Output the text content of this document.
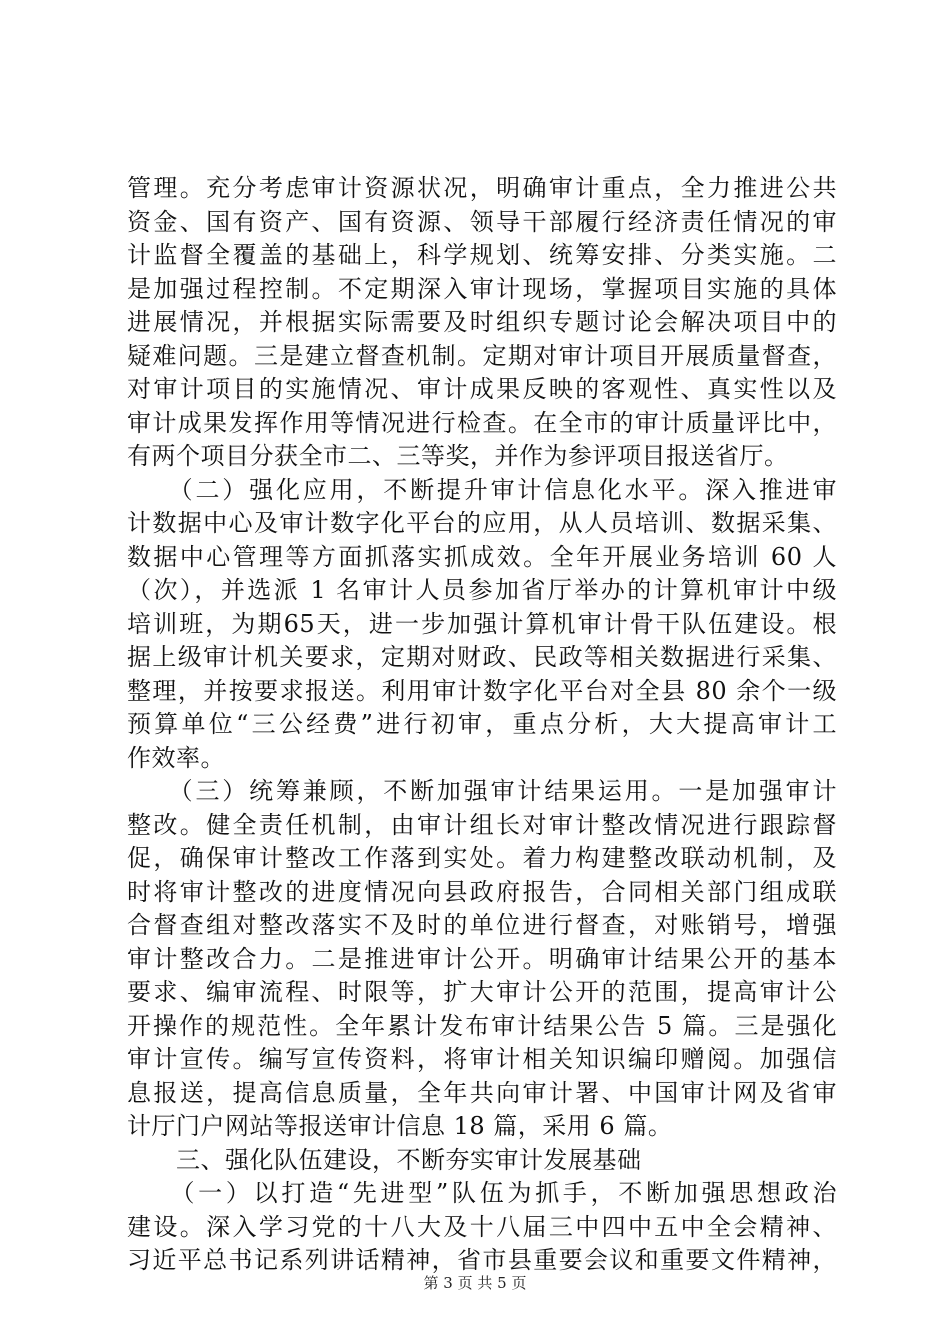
管理。充分考虑审计资源状况，明确审计重点，全力推进公共
资金、国有资产、国有资源、领导干部履行经济责任情况的审
计监督全覆盖的基础上，科学规划、统筹安排、分类实施。二
是加强过程控制。不定期深入审计现场，掌握项目实施的具体
进展情况，并根据实际需要及时组织专题讨论会解决项目中的
疑难问题。三是建立督查机制。定期对审计项目开展质量督查，
对审计项目的实施情况、审计成果反映的客观性、真实性以及
审计成果发挥作用等情况进行检查。在全市的审计质量评比中，
有两个项目分获全市二、三等奖，并作为参评项目报送省厅。
　　（二）强化应用，不断提升审计信息化水平。深入推进审
计数据中心及审计数字化平台的应用，从人员培训、数据采集、
数据中心管理等方面抓落实抓成效。全年开展业务培训 60 人
（次），并选派 1 名审计人员参加省厅举办的计算机审计中级
培训班，为期65天，进一步加强计算机审计骨干队伍建设。根
据上级审计机关要求，定期对财政、民政等相关数据进行采集、
整理，并按要求报送。利用审计数字化平台对全县 80 余个一级
预算单位“三公经费”进行初审，重点分析，大大提高审计工
作效率。
　　（三）统筹兼顾，不断加强审计结果运用。一是加强审计
整改。健全责任机制，由审计组长对审计整改情况进行跟踪督
促，确保审计整改工作落到实处。着力构建整改联动机制，及
时将审计整改的进度情况向县政府报告，合同相关部门组成联
合督查组对整改落实不及时的单位进行督查，对账销号，增强
审计整改合力。二是推进审计公开。明确审计结果公开的基本
要求、编审流程、时限等，扩大审计公开的范围，提高审计公
开操作的规范性。全年累计发布审计结果公告 5 篇。三是强化
审计宣传。编写宣传资料，将审计相关知识编印赠阅。加强信
息报送，提高信息质量，全年共向审计署、中国审计网及省审
计厅门户网站等报送审计信息 18 篇，采用 6 篇。
　　三、强化队伍建设，不断夯实审计发展基础
　　（一）以打造“先进型”队伍为抓手，不断加强思想政治
建设。深入学习党的十八大及十八届三中四中五中全会精神、
习近平总书记系列讲话精神，省市县重要会议和重要文件精神，
第 3 页 共 5 页
